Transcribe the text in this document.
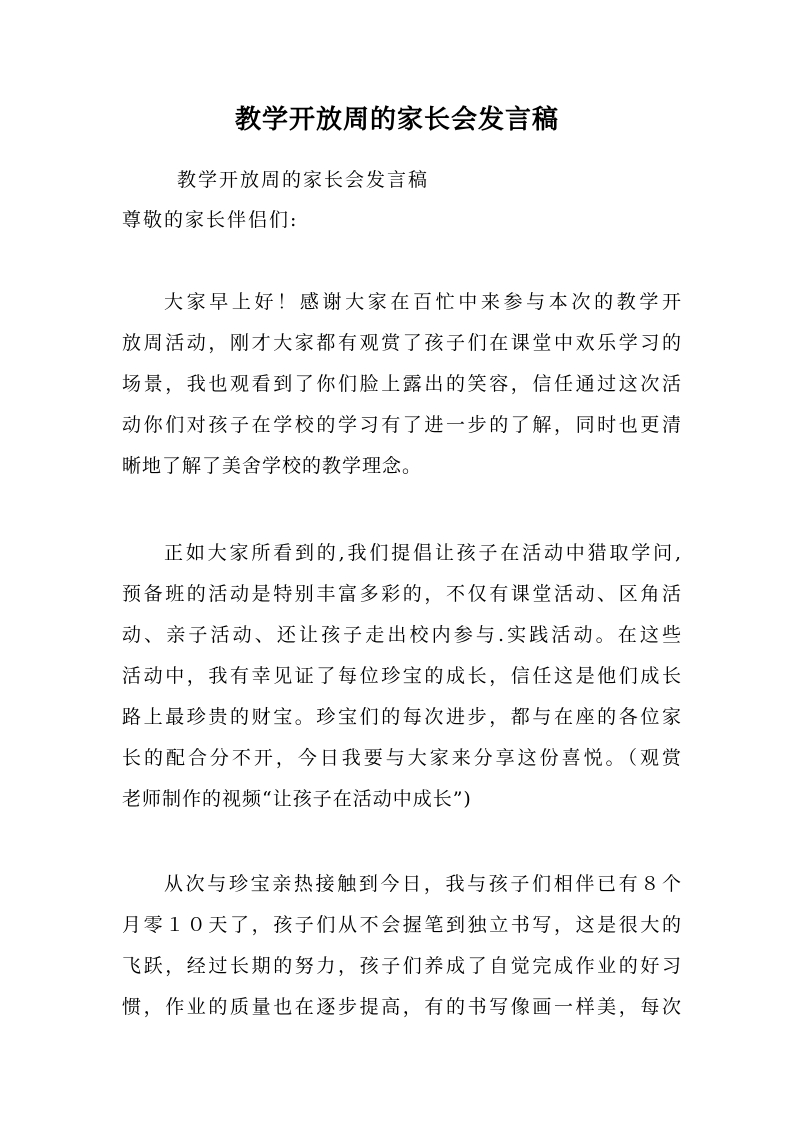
教学开放周的家长会发言稿

教学开放周的家长会发言稿

尊敬的家长伴侣们:

大家早上好！感谢大家在百忙中来参与本次的教学开
放周活动，刚才大家都有观赏了孩子们在课堂中欢乐学习的
场景，我也观看到了你们脸上露出的笑容，信任通过这次活
动你们对孩子在学校的学习有了进一步的了解，同时也更清
晰地了解了美舍学校的教学理念。
正如大家所看到的,我们提倡让孩子在活动中猎取学问,
预备班的活动是特别丰富多彩的，不仅有课堂活动、区角活
动、亲子活动、还让孩子走出校内参与.实践活动。在这些
活动中，我有幸见证了每位珍宝的成长，信任这是他们成长
路上最珍贵的财宝。珍宝们的每次进步，都与在座的各位家
长的配合分不开，今日我要与大家来分享这份喜悦。（观赏
老师制作的视频“让孩子在活动中成长”)
从次与珍宝亲热接触到今日，我与孩子们相伴已有８个
月零１０天了，孩子们从不会握笔到独立书写，这是很大的
飞跃，经过长期的努力，孩子们养成了自觉完成作业的好习
惯，作业的质量也在逐步提高，有的书写像画一样美，每次
